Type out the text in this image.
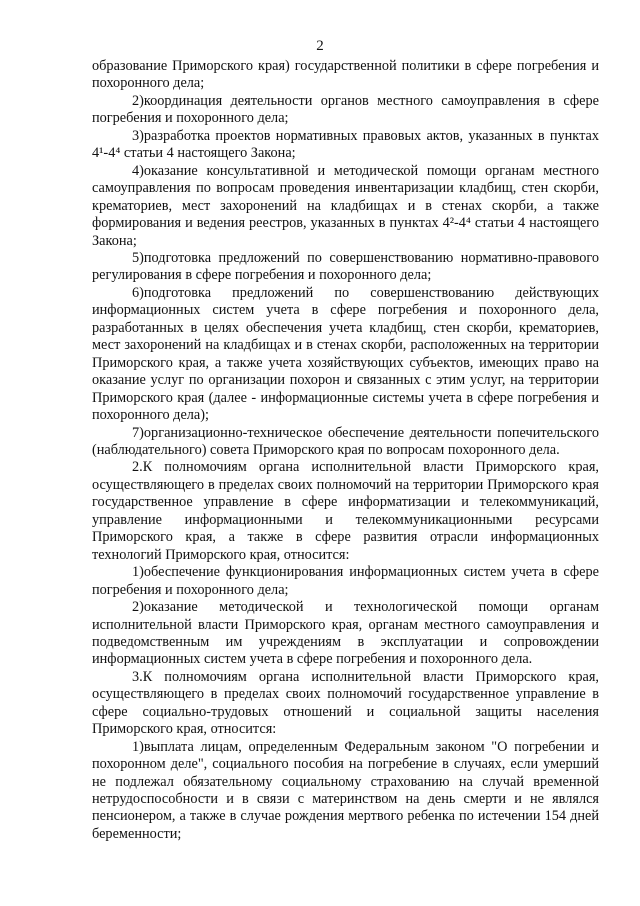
2

образование Приморского края) государственной политики в сфере погребения и похоронного дела;

2)координация деятельности органов местного самоуправления в сфере погребения и похоронного дела;

3)разработка проектов нормативных правовых актов, указанных в пунктах 4¹-4⁴ статьи 4 настоящего Закона;

4)оказание консультативной и методической помощи органам местного самоуправления по вопросам проведения инвентаризации кладбищ, стен скорби, крематориев, мест захоронений на кладбищах и в стенах скорби, а также формирования и ведения реестров, указанных в пунктах 4²-4⁴ статьи 4 настоящего Закона;

5)подготовка предложений по совершенствованию нормативно-правового регулирования в сфере погребения и похоронного дела;

6)подготовка предложений по совершенствованию действующих информационных систем учета в сфере погребения и похоронного дела, разработанных в целях обеспечения учета кладбищ, стен скорби, крематориев, мест захоронений на кладбищах и в стенах скорби, расположенных на территории Приморского края, а также учета хозяйствующих субъектов, имеющих право на оказание услуг по организации похорон и связанных с этим услуг, на территории Приморского края (далее - информационные системы учета в сфере погребения и похоронного дела);

7)организационно-техническое обеспечение деятельности попечительского (наблюдательного) совета Приморского края по вопросам похоронного дела.

2.К полномочиям органа исполнительной власти Приморского края, осуществляющего в пределах своих полномочий на территории Приморского края государственное управление в сфере информатизации и телекоммуникаций, управление информационными и телекоммуникационными ресурсами Приморского края, а также в сфере развития отрасли информационных технологий Приморского края, относится:

1)обеспечение функционирования информационных систем учета в сфере погребения и похоронного дела;

2)оказание методической и технологической помощи органам исполнительной власти Приморского края, органам местного самоуправления и подведомственным им учреждениям в эксплуатации и сопровождении информационных систем учета в сфере погребения и похоронного дела.

3.К полномочиям органа исполнительной власти Приморского края, осуществляющего в пределах своих полномочий государственное управление в сфере социально-трудовых отношений и социальной защиты населения Приморского края, относится:

1)выплата лицам, определенным Федеральным законом "О погребении и похоронном деле", социального пособия на погребение в случаях, если умерший не подлежал обязательному социальному страхованию на случай временной нетрудоспособности и в связи с материнством на день смерти и не являлся пенсионером, а также в случае рождения мертвого ребенка по истечении 154 дней беременности;
